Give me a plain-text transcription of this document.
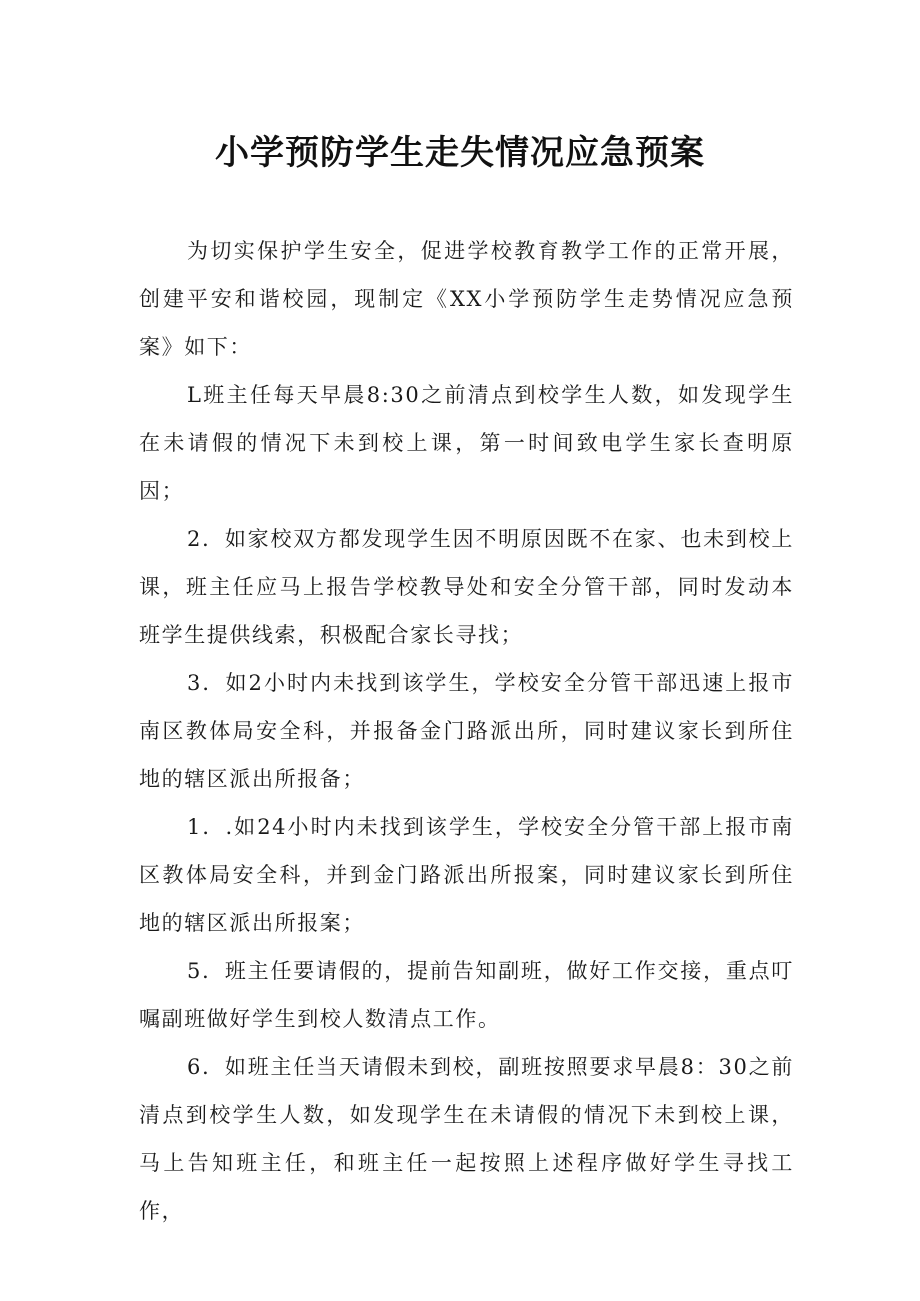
小学预防学生走失情况应急预案

为切实保护学生安全，促进学校教育教学工作的正常开展，创建平安和谐校园，现制定《XX小学预防学生走势情况应急预案》如下：

L班主任每天早晨8:30之前清点到校学生人数，如发现学生在未请假的情况下未到校上课，第一时间致电学生家长查明原因；

2．如家校双方都发现学生因不明原因既不在家、也未到校上课，班主任应马上报告学校教导处和安全分管干部，同时发动本班学生提供线索，积极配合家长寻找；

3．如2小时内未找到该学生，学校安全分管干部迅速上报市南区教体局安全科，并报备金门路派出所，同时建议家长到所住地的辖区派出所报备；

1．.如24小时内未找到该学生，学校安全分管干部上报市南区教体局安全科，并到金门路派出所报案，同时建议家长到所住地的辖区派出所报案；

5．班主任要请假的，提前告知副班，做好工作交接，重点叮嘱副班做好学生到校人数清点工作。

6．如班主任当天请假未到校，副班按照要求早晨8：30之前清点到校学生人数，如发现学生在未请假的情况下未到校上课，马上告知班主任，和班主任一起按照上述程序做好学生寻找工作，
